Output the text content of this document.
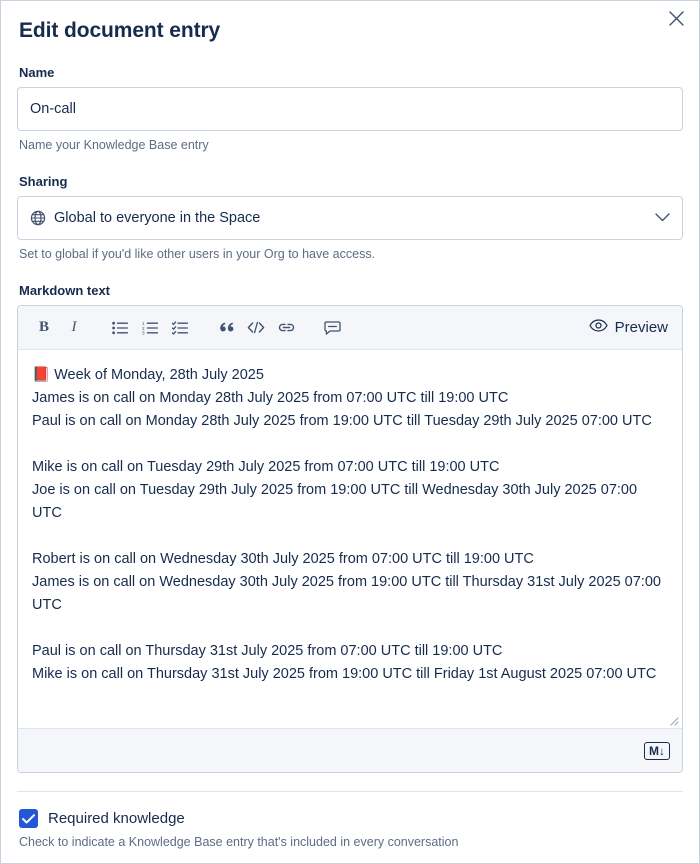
Edit document entry
Name
On-call
Name your Knowledge Base entry
Sharing
Global to everyone in the Space
Set to global if you'd like other users in your Org to have access.
Markdown text
B	I	1
2
3	Preview
📕 Week of Monday, 28th July 2025
James is on call on Monday 28th July 2025 from 07:00 UTC till 19:00 UTC
Paul is on call on Monday 28th July 2025 from 19:00 UTC till Tuesday 29th July 2025 07:00 UTC
Mike is on call on Tuesday 29th July 2025 from 07:00 UTC till 19:00 UTC
Joe is on call on Tuesday 29th July 2025 from 19:00 UTC till Wednesday 30th July 2025 07:00 UTC
Robert is on call on Wednesday 30th July 2025 from 07:00 UTC till 19:00 UTC
James is on call on Wednesday 30th July 2025 from 19:00 UTC till Thursday 31st July 2025 07:00 UTC
Paul is on call on Thursday 31st July 2025 from 07:00 UTC till 19:00 UTC
Mike is on call on Thursday 31st July 2025 from 19:00 UTC till Friday 1st August 2025 07:00 UTC
M↓
Required knowledge
Check to indicate a Knowledge Base entry that's included in every conversation
